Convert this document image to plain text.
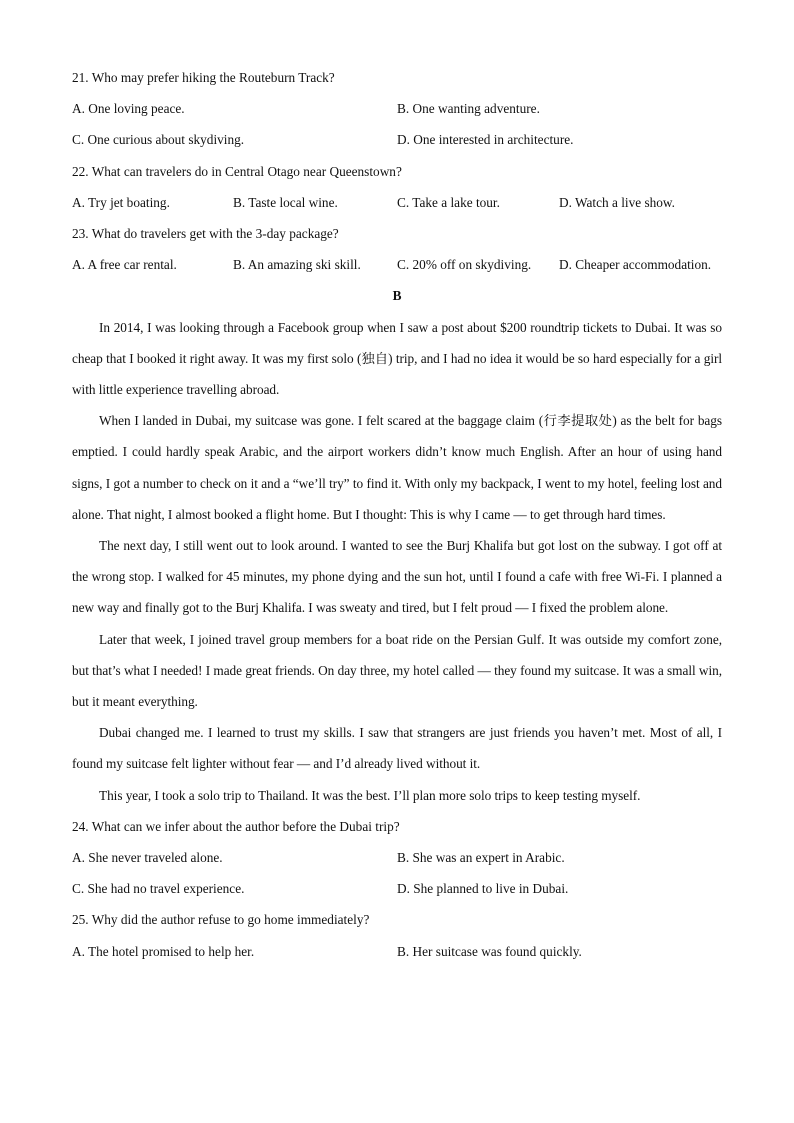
21. Who may prefer hiking the Routeburn Track?
A. One loving peace.	B. One wanting adventure.
C. One curious about skydiving.	D. One interested in architecture.
22. What can travelers do in Central Otago near Queenstown?
A. Try jet boating.	B. Taste local wine.	C. Take a lake tour.	D. Watch a live show.
23. What do travelers get with the 3-day package?
A. A free car rental.	B. An amazing ski skill.	C. 20% off on skydiving. D. Cheaper accommodation.
B

In 2014, I was looking through a Facebook group when I saw a post about $200 roundtrip tickets to Dubai. It was so cheap that I booked it right away. It was my first solo (独自) trip, and I had no idea it would be so hard especially for a girl with little experience travelling abroad.

When I landed in Dubai, my suitcase was gone. I felt scared at the baggage claim (行李提取处) as the belt for bags emptied. I could hardly speak Arabic, and the airport workers didn’t know much English. After an hour of using hand signs, I got a number to check on it and a “we’ll try” to find it. With only my backpack, I went to my hotel, feeling lost and alone. That night, I almost booked a flight home. But I thought: This is why I came — to get through hard times.

The next day, I still went out to look around. I wanted to see the Burj Khalifa but got lost on the subway. I got off at the wrong stop. I walked for 45 minutes, my phone dying and the sun hot, until I found a cafe with free Wi-Fi. I planned a new way and finally got to the Burj Khalifa. I was sweaty and tired, but I felt proud — I fixed the problem alone.

Later that week, I joined travel group members for a boat ride on the Persian Gulf. It was outside my comfort zone, but that’s what I needed! I made great friends. On day three, my hotel called — they found my suitcase. It was a small win, but it meant everything.

Dubai changed me. I learned to trust my skills. I saw that strangers are just friends you haven’t met. Most of all, I found my suitcase felt lighter without fear — and I’d already lived without it.

This year, I took a solo trip to Thailand. It was the best. I’ll plan more solo trips to keep testing myself.

24. What can we infer about the author before the Dubai trip?
A. She never traveled alone.	B. She was an expert in Arabic.
C. She had no travel experience.	D. She planned to live in Dubai.
25. Why did the author refuse to go home immediately?
A. The hotel promised to help her.	B. Her suitcase was found quickly.
